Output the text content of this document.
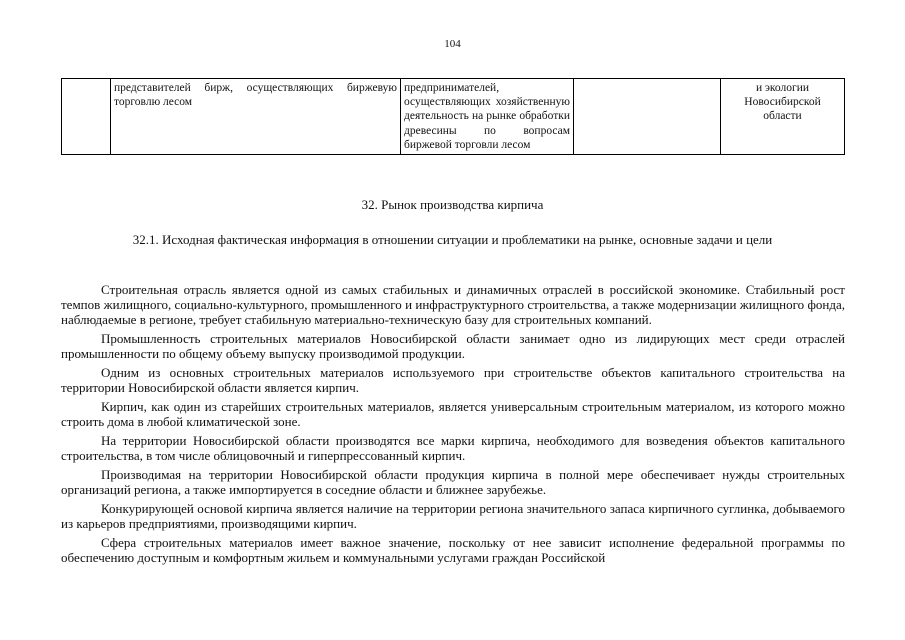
104
	представителей бирж, осуществляющих биржевую торговлю лесом	предпринимателей, осуществляющих хозяйственную деятельность на рынке обработки древесины по вопросам биржевой торговли лесом		и экологии Новосибирской области
32. Рынок производства кирпича
32.1. Исходная фактическая информация в отношении ситуации и проблематики на рынке, основные задачи и цели

Строительная отрасль является одной из самых стабильных и динамичных отраслей в российской экономике. Стабильный рост темпов жилищного, социально-культурного, промышленного и инфраструктурного строительства, а также модернизации жилищного фонда, наблюдаемые в регионе, требует стабильную материально-техническую базу для строительных компаний.

Промышленность строительных материалов Новосибирской области занимает одно из лидирующих мест среди отраслей промышленности по общему объему выпуску производимой продукции.

Одним из основных строительных материалов используемого при строительстве объектов капитального строительства на территории Новосибирской области является кирпич.

Кирпич, как один из старейших строительных материалов, является универсальным строительным материалом, из которого можно строить дома в любой климатической зоне.

На территории Новосибирской области производятся все марки кирпича, необходимого для возведения объектов капитального строительства, в том числе облицовочный и гиперпрессованный кирпич.

Производимая на территории Новосибирской области продукция кирпича в полной мере обеспечивает нужды строительных организаций региона, а также импортируется в соседние области и ближнее зарубежье.

Конкурирующей основой кирпича является наличие на территории региона значительного запаса кирпичного суглинка, добываемого из карьеров предприятиями, производящими кирпич.

Сфера строительных материалов имеет важное значение, поскольку от нее зависит исполнение федеральной программы по обеспечению доступным и комфортным жильем и коммунальными услугами граждан Российской
